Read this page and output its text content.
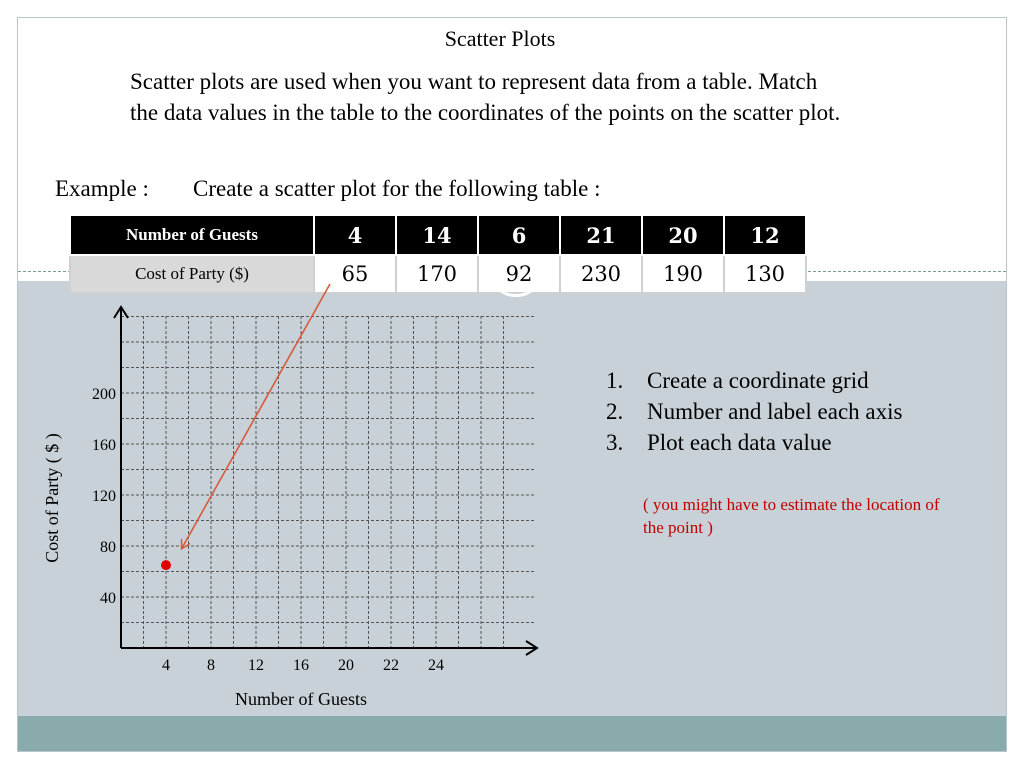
Scatter Plots
Scatter plots are used when you want to represent data from a table. Match the data values in the table to the coordinates of the points on the scatter plot.
Example : Create a scatter plot for the following table :
Number of Guests	4	14	6	21	20	12
Cost of Party ($)	65	170	92	230	190	130
4 8 12 16 20 22 24
40
80
120
160
200
Number of Guests
Cost of Party ( $ )
1. Create a coordinate grid
2. Number and label each axis
3. Plot each data value
( you might have to estimate the location of the point )
